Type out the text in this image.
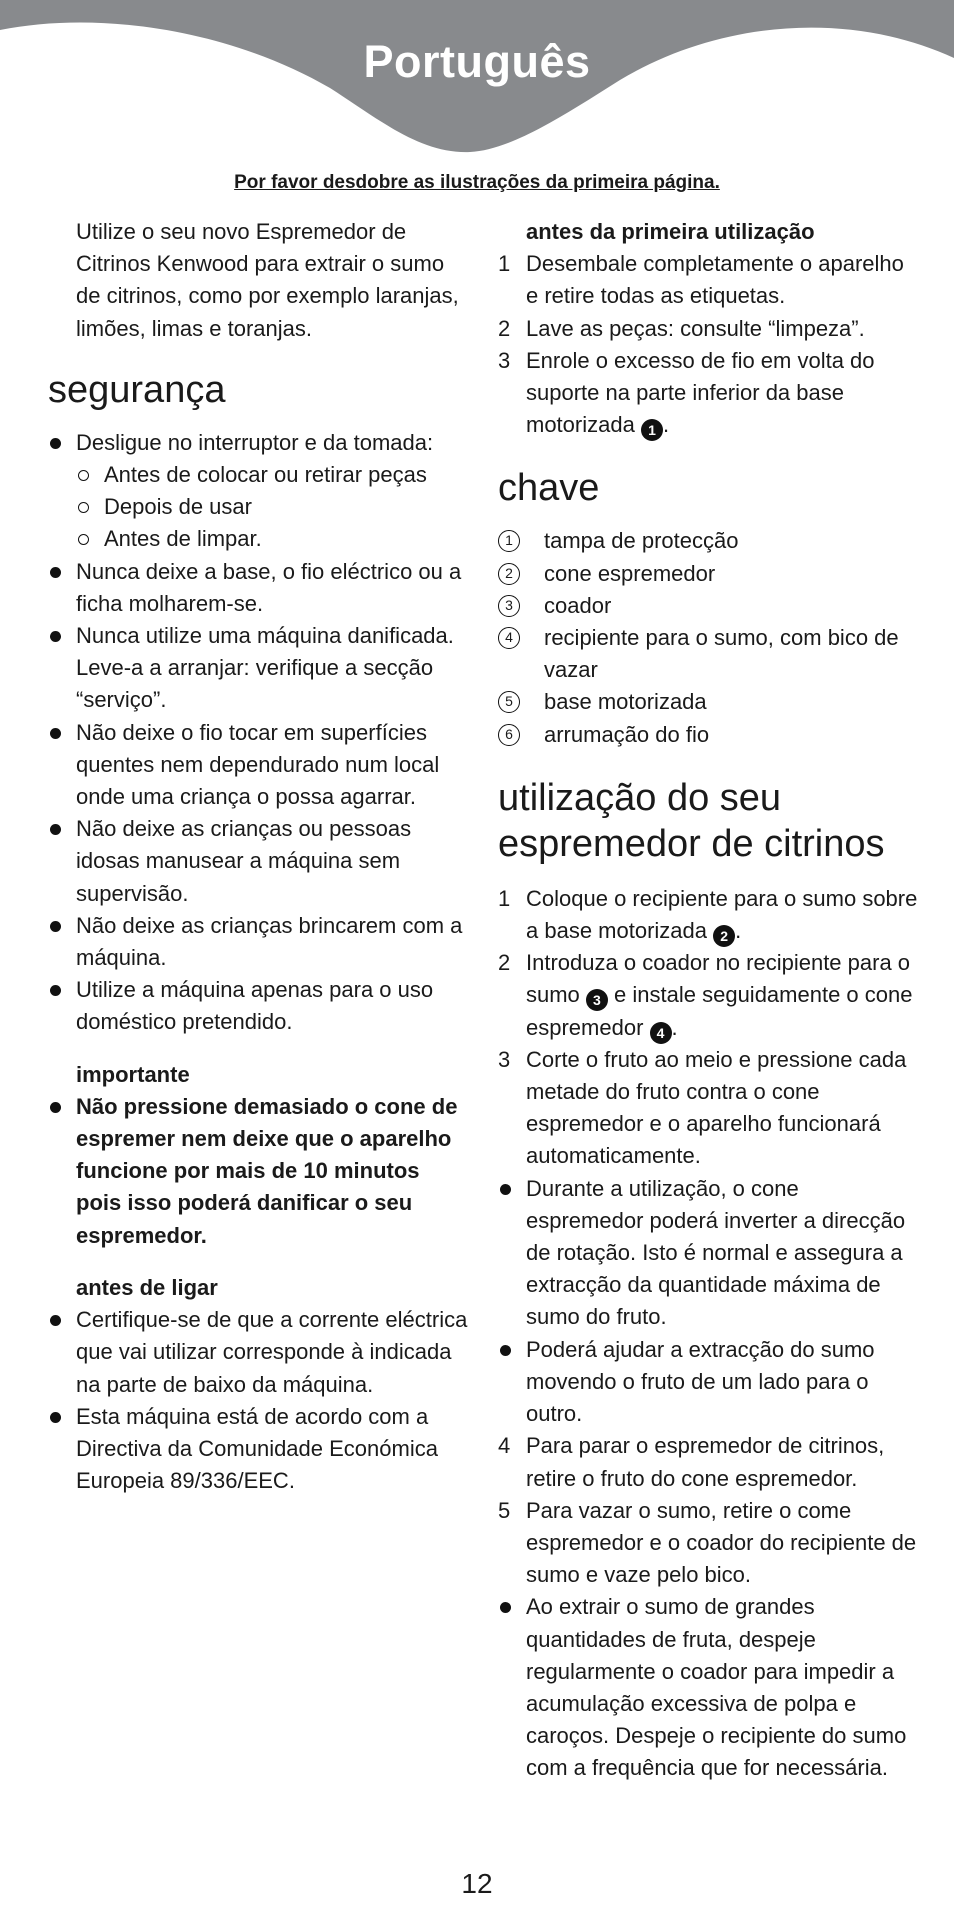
Português
Por favor desdobre as ilustrações da primeira página.

Utilize o seu novo Espremedor de Citrinos Kenwood para extrair o sumo de citrinos, como por exemplo laranjas, limões, limas e toranjas.

segurança
Desligue no interruptor e da tomada:
Antes de colocar ou retirar peças
Depois de usar
Antes de limpar.
Nunca deixe a base, o fio eléctrico ou a ficha molharem-se.
Nunca utilize uma máquina danificada. Leve-a a arranjar: verifique a secção “serviço”.
Não deixe o fio tocar em superfícies quentes nem dependurado num local onde uma criança o possa agarrar.
Não deixe as crianças ou pessoas idosas manusear a máquina sem supervisão.
Não deixe as crianças brincarem com a máquina.
Utilize a máquina apenas para o uso doméstico pretendido.
importante
Não pressione demasiado o cone de espremer nem deixe que o aparelho funcione por mais de 10 minutos pois isso poderá danificar o seu espremedor.
antes de ligar
Certifique-se de que a corrente eléctrica que vai utilizar corresponde à indicada na parte de baixo da máquina.
Esta máquina está de acordo com a Directiva da Comunidade Económica Europeia 89/336/EEC.
antes da primeira utilização
1 Desembale completamente o aparelho e retire todas as etiquetas.
2 Lave as peças: consulte “limpeza”.
3 Enrole o excesso de fio em volta do suporte na parte inferior da base motorizada 1 .
chave
1	tampa de protecção
2	cone espremedor
3	coador
4	recipiente para o sumo, com bico de vazar
5	base motorizada
6	arrumação do fio
utilização do seu
espremedor de citrinos
1 Coloque o recipiente para o sumo sobre a base motorizada 2 .
2 Introduza o coador no recipiente para o sumo 3 e instale seguidamente o cone espremedor 4 .
3 Corte o fruto ao meio e pressione cada metade do fruto contra o cone espremedor e o aparelho funcionará automaticamente.
Durante a utilização, o cone espremedor poderá inverter a direcção de rotação. Isto é normal e assegura a extracção da quantidade máxima de sumo do fruto.
Poderá ajudar a extracção do sumo movendo o fruto de um lado para o outro.
4 Para parar o espremedor de citrinos, retire o fruto do cone espremedor.
5 Para vazar o sumo, retire o come espremedor e o coador do recipiente de sumo e vaze pelo bico.
Ao extrair o sumo de grandes quantidades de fruta, despeje regularmente o coador para impedir a acumulação excessiva de polpa e caroços. Despeje o recipiente do sumo com a frequência que for necessária.
12
